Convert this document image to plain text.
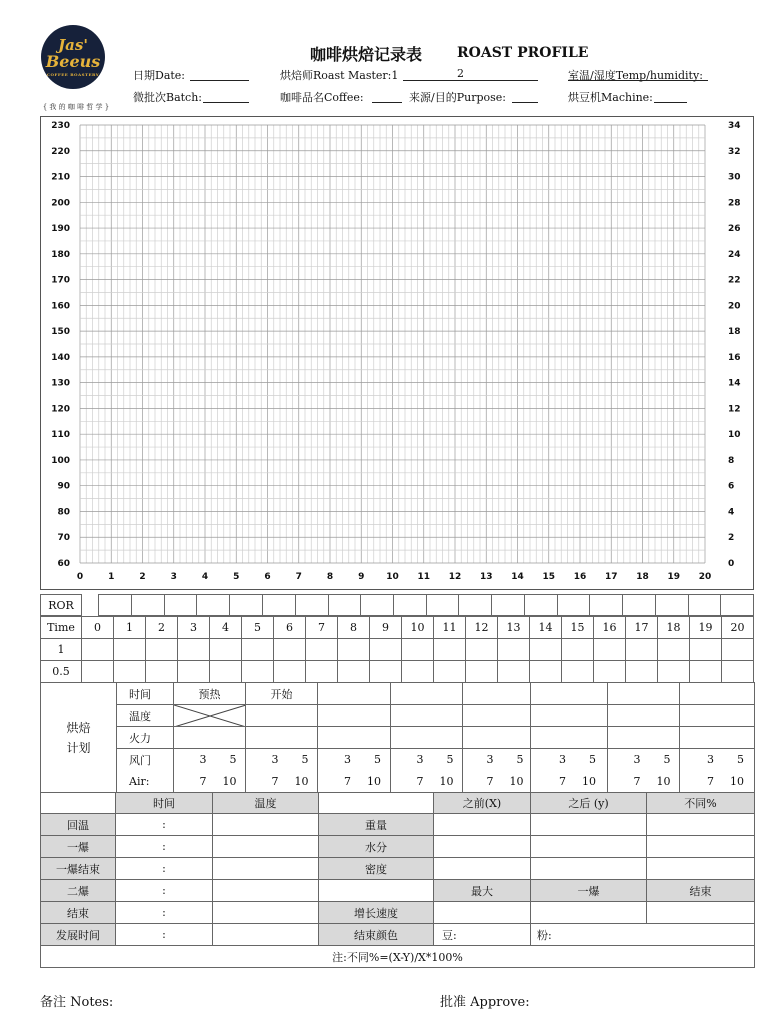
Jas'
Beeus
COFFEE ROASTERY
{ 我 的 咖 啡 哲 学 }
咖啡烘焙记录表 ROAST PROFILE
日期Date:	烘焙师Roast Master:1	2	室温/湿度Temp/humidity:
微批次Batch:	咖啡品名Coffee:	来源/目的Purpose:	烘豆机Machine:
0	1	2	3	4	5	6	7	8	9 10 11 12 13 14 15 16 17 18 19 20
230
220
210
200
190
180
170
160
150
140
130
120
110
100
90
80
70
60
34
32
30
28
26
24
22
20
18
16
14
12
10
8
6
4
2
0
ROR																					
Time	0	1	2	3	4	5	6	7	8	9	10	11	12	13	14	15	16	17	18	19	20
1																					
0.5																					
烘焙
计划	时间	预热	开始						
	温度	

	火力								
	风门	3 5	3 5	3 5	3 5	3 5	3 5	3 5	3 5
	Air:	7 10	7 10	7 10	7 10	7 10	7 10	7 10	7 10
	时间	温度		之前(X)	之后 (y)	不同%
回温	:		重量			
一爆	:		水分			
一爆结束	:		密度			
二爆	:			最大	一爆	结束
结束	:		增长速度			
发展时间	:		结束颜色	豆:	粉:	
注:不同%=(X-Y)/X*100%						
备注 Notes:	批准 Approve:
